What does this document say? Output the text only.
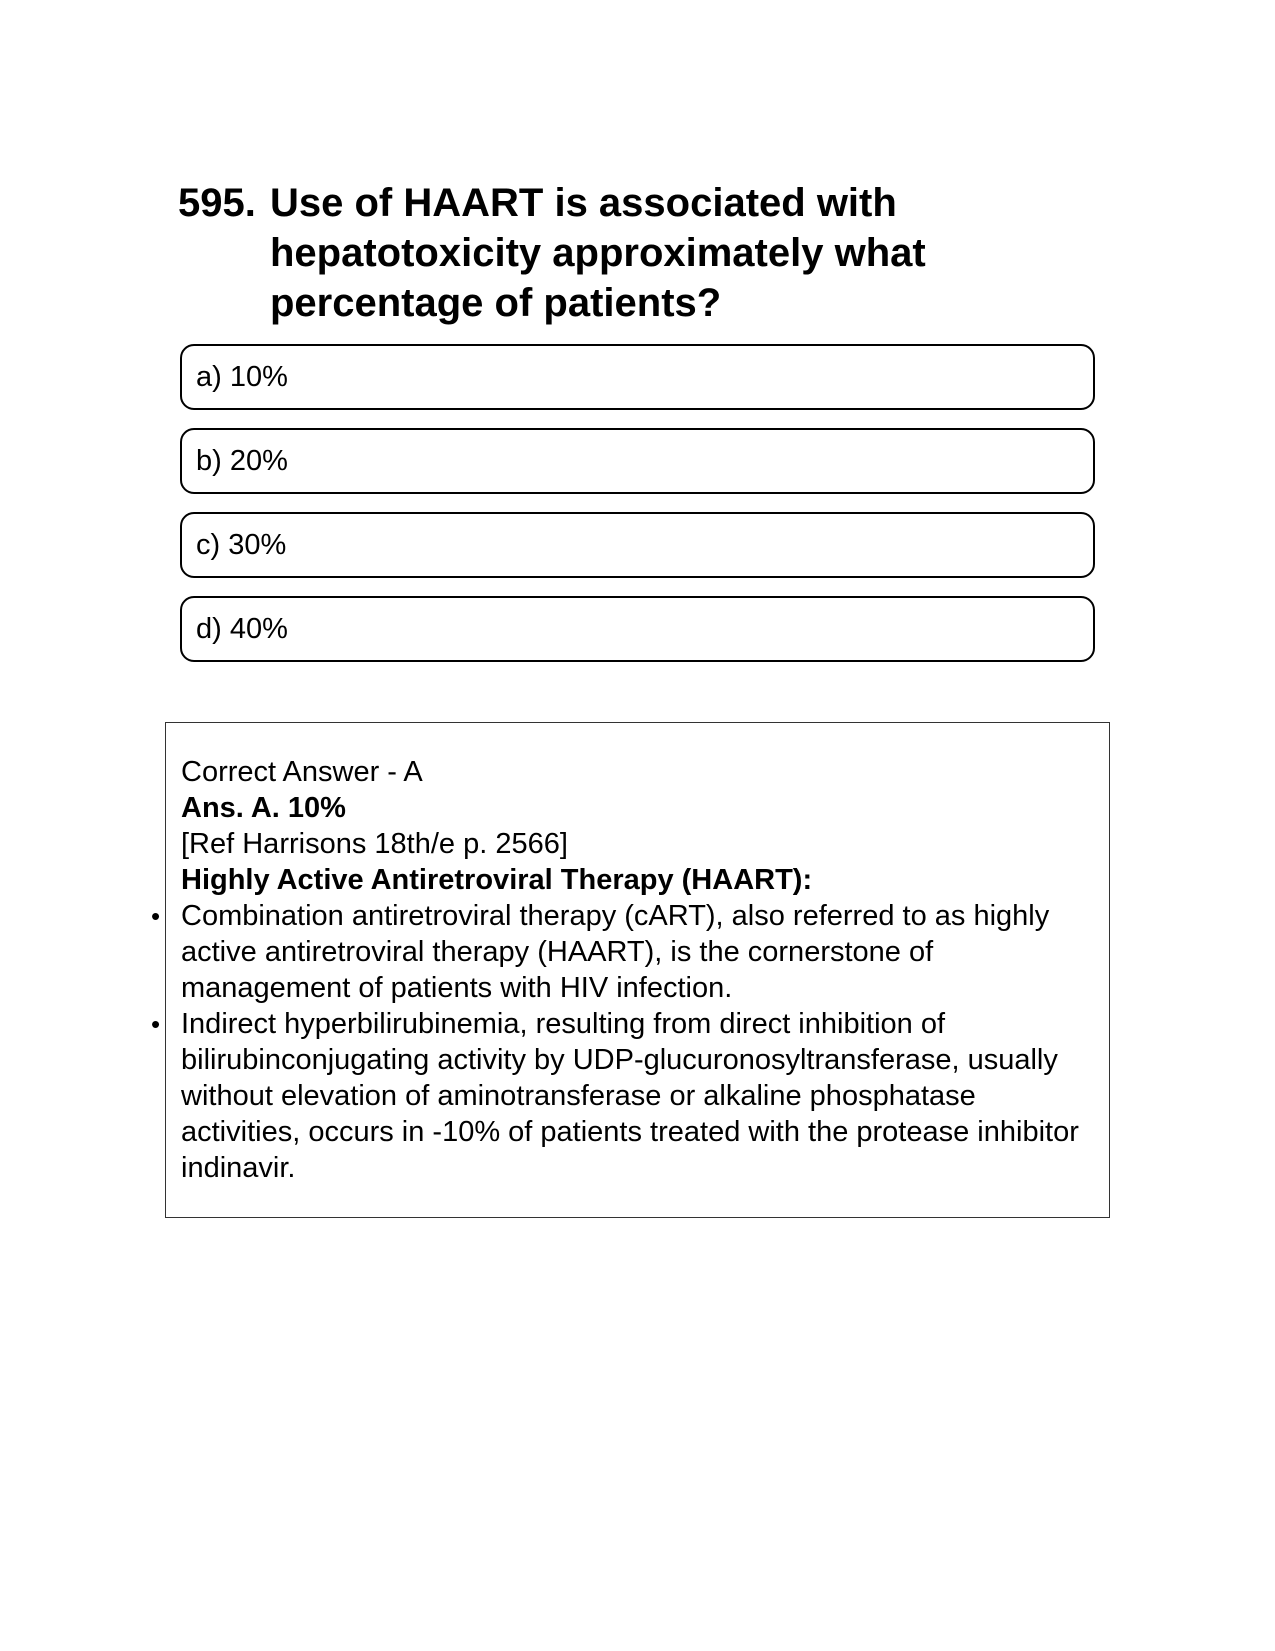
595. Use of HAART is associated with hepatotoxicity approximately what percentage of patients?
a) 10%
b) 20%
c) 30%
d) 40%
Correct Answer - A
Ans. A. 10%
[Ref Harrisons 18th/e p. 2566]
Highly Active Antiretroviral Therapy (HAART):
• Combination antiretroviral therapy (cART), also referred to as highly active antiretroviral therapy (HAART), is the cornerstone of management of patients with HIV infection.
• Indirect hyperbilirubinemia, resulting from direct inhibition of bilirubinconjugating activity by UDP-glucuronosyltransferase, usually without elevation of aminotransferase or alkaline phosphatase activities, occurs in -10% of patients treated with the protease inhibitor indinavir.
